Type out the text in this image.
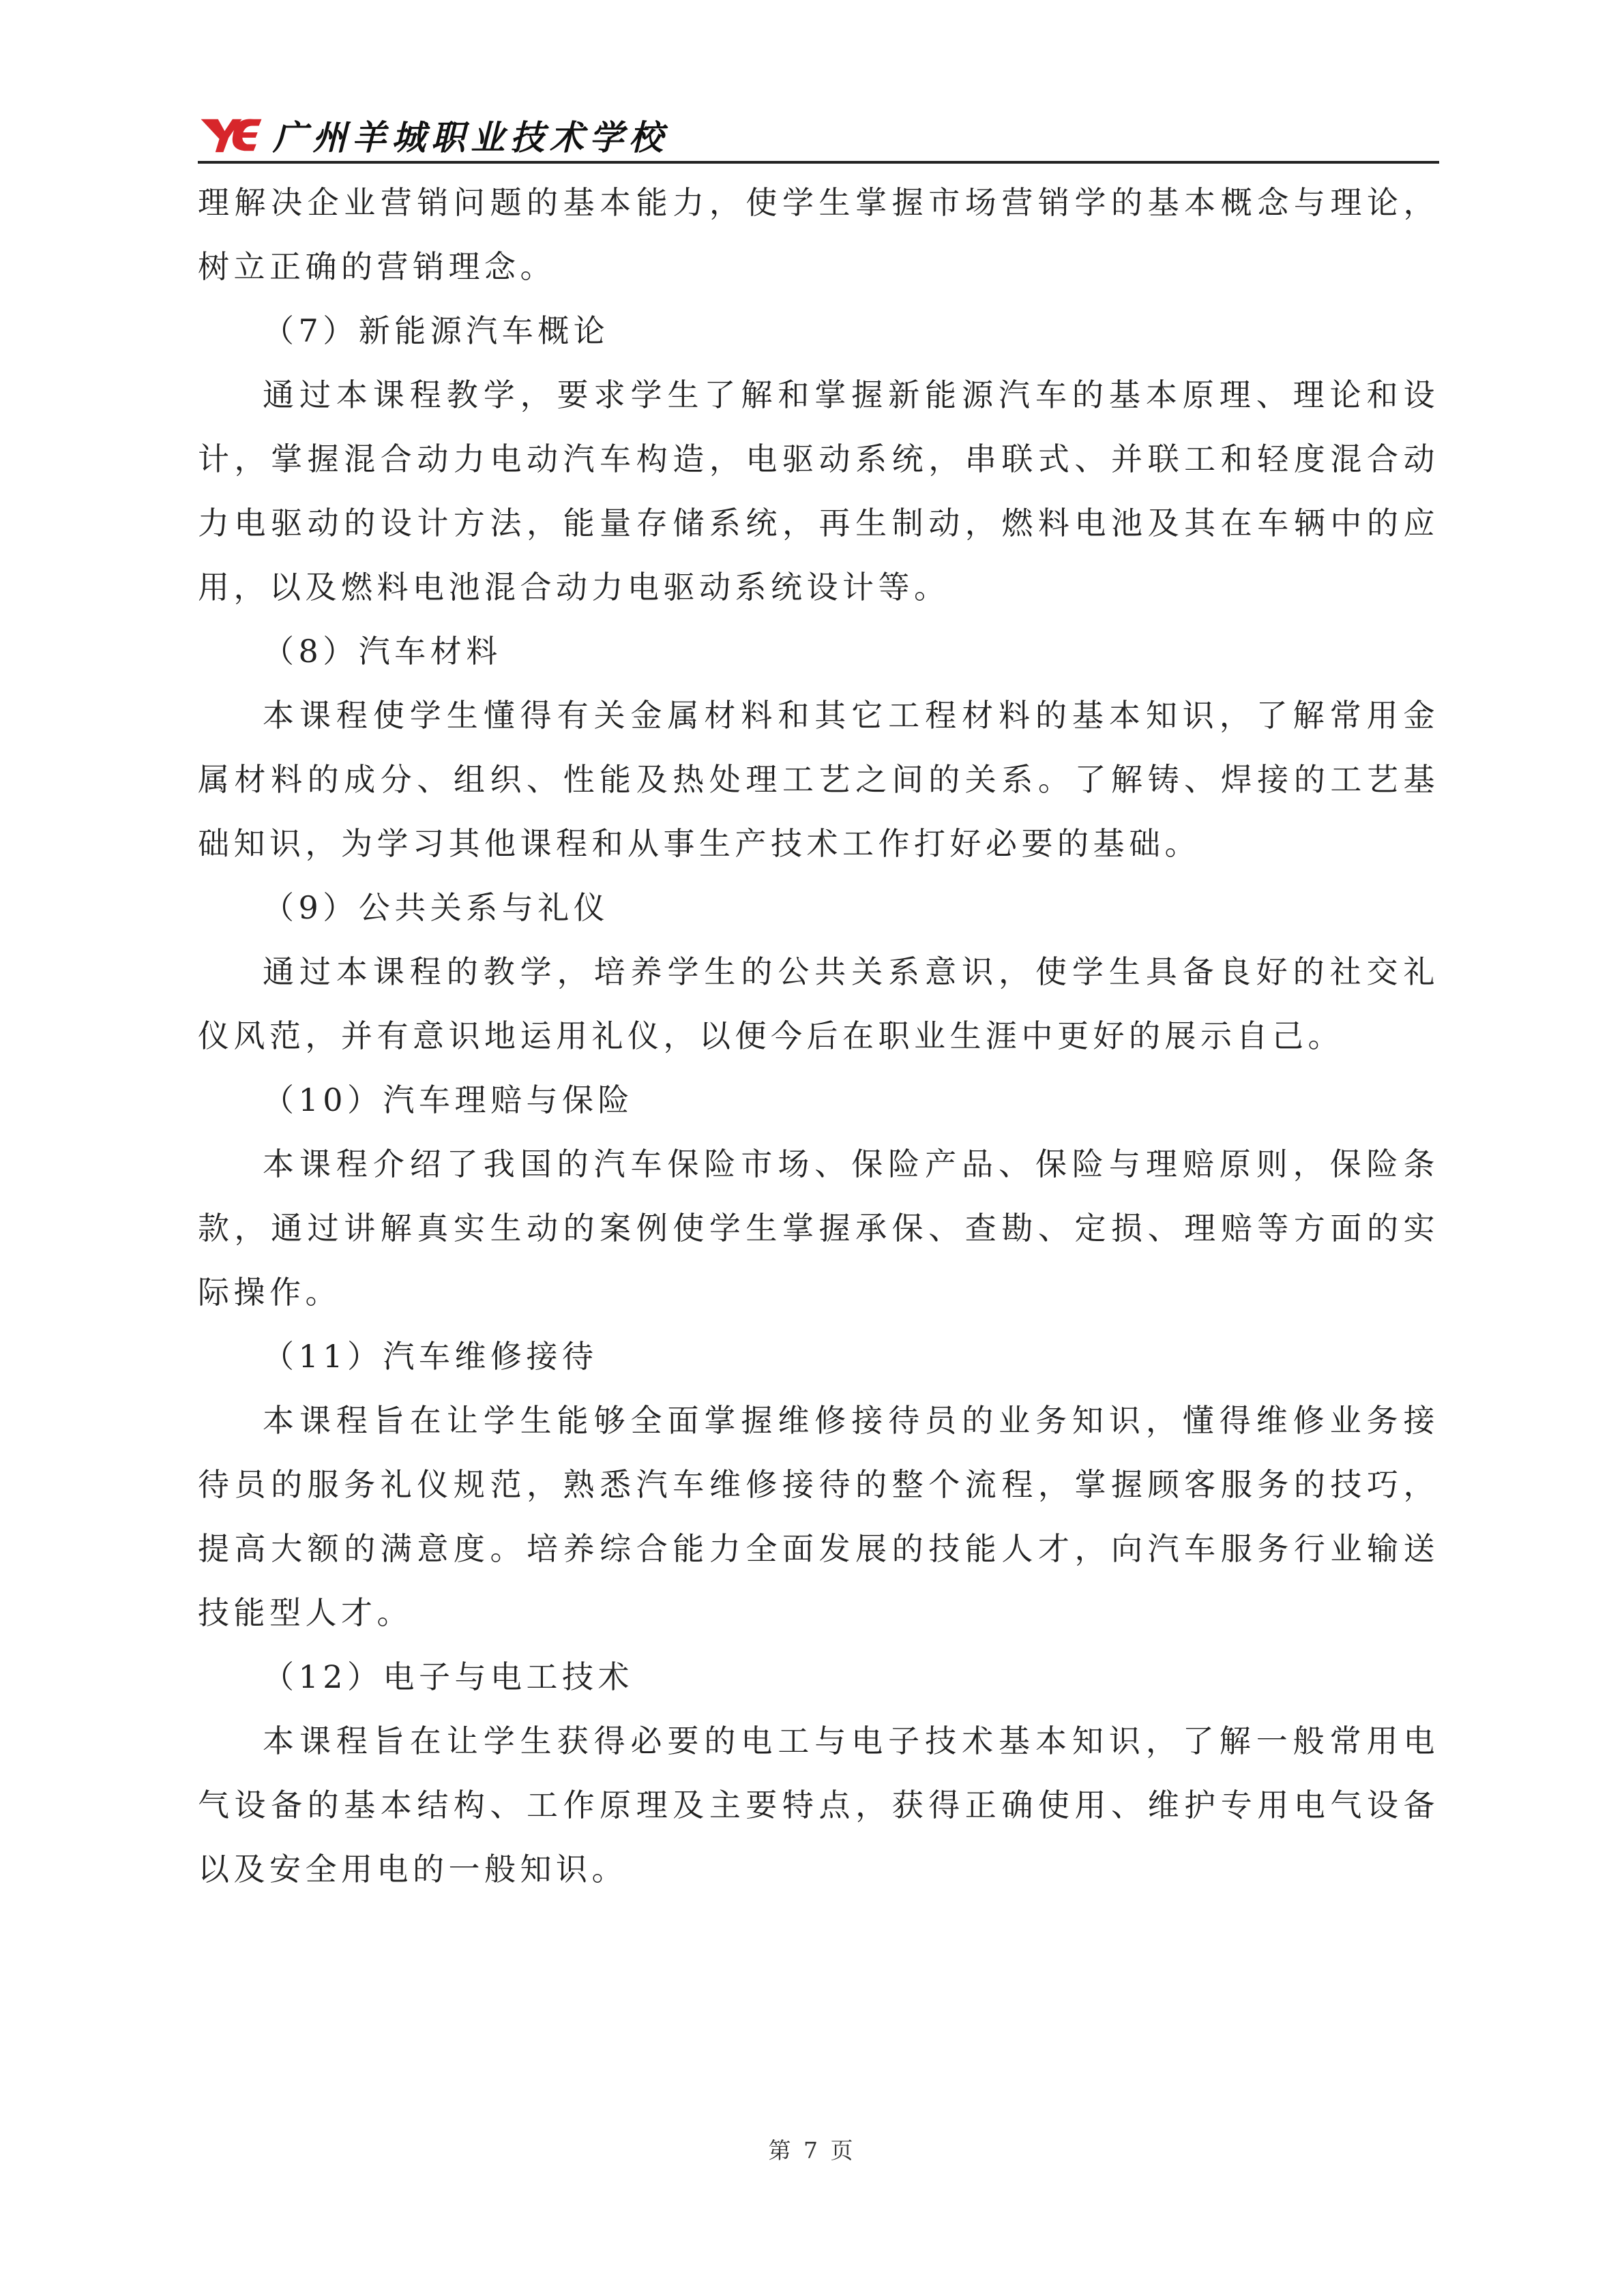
广州羊城职业技术学校

理解决企业营销问题的基本能力，使学生掌握市场营销学的基本概念与理论，树立正确的营销理念。

（7）新能源汽车概论

通过本课程教学，要求学生了解和掌握新能源汽车的基本原理、理论和设计，掌握混合动力电动汽车构造，电驱动系统，串联式、并联工和轻度混合动力电驱动的设计方法，能量存储系统，再生制动，燃料电池及其在车辆中的应用，以及燃料电池混合动力电驱动系统设计等。

（8）汽车材料

本课程使学生懂得有关金属材料和其它工程材料的基本知识，了解常用金属材料的成分、组织、性能及热处理工艺之间的关系。了解铸、焊接的工艺基础知识，为学习其他课程和从事生产技术工作打好必要的基础。

（9）公共关系与礼仪

通过本课程的教学，培养学生的公共关系意识，使学生具备良好的社交礼仪风范，并有意识地运用礼仪，以便今后在职业生涯中更好的展示自己。

（10）汽车理赔与保险

本课程介绍了我国的汽车保险市场、保险产品、保险与理赔原则，保险条款，通过讲解真实生动的案例使学生掌握承保、查勘、定损、理赔等方面的实际操作。

（11）汽车维修接待

本课程旨在让学生能够全面掌握维修接待员的业务知识，懂得维修业务接待员的服务礼仪规范，熟悉汽车维修接待的整个流程，掌握顾客服务的技巧，提高大额的满意度。培养综合能力全面发展的技能人才，向汽车服务行业输送技能型人才。

（12）电子与电工技术

本课程旨在让学生获得必要的电工与电子技术基本知识，了解一般常用电气设备的基本结构、工作原理及主要特点，获得正确使用、维护专用电气设备以及安全用电的一般知识。

第 7 页
